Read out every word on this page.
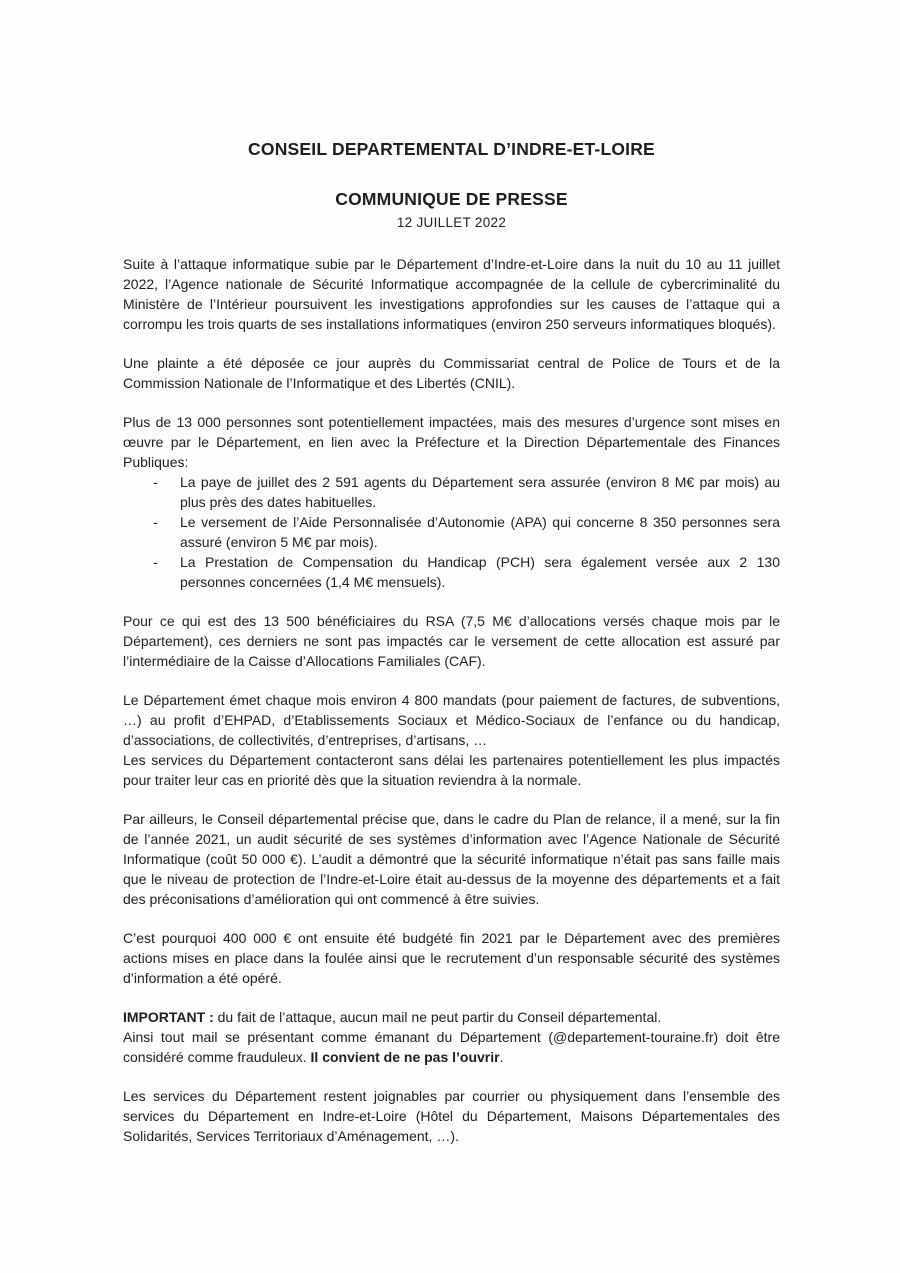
CONSEIL DEPARTEMENTAL D’INDRE-ET-LOIRE
COMMUNIQUE DE PRESSE
12 JUILLET 2022

Suite à l’attaque informatique subie par le Département d’Indre-et-Loire dans la nuit du 10 au 11 juillet 2022, l’Agence nationale de Sécurité Informatique accompagnée de la cellule de cybercriminalité du Ministère de l’Intérieur poursuivent les investigations approfondies sur les causes de l’attaque qui a corrompu les trois quarts de ses installations informatiques (environ 250 serveurs informatiques bloqués).

Une plainte a été déposée ce jour auprès du Commissariat central de Police de Tours et de la Commission Nationale de l’Informatique et des Libertés (CNIL).

Plus de 13 000 personnes sont potentiellement impactées, mais des mesures d’urgence sont mises en œuvre par le Département, en lien avec la Préfecture et la Direction Départementale des Finances Publiques:

- La paye de juillet des 2 591 agents du Département sera assurée (environ 8 M€ par mois) au plus près des dates habituelles.
- Le versement de l’Aide Personnalisée d’Autonomie (APA) qui concerne 8 350 personnes sera assuré (environ 5 M€ par mois).
- La Prestation de Compensation du Handicap (PCH) sera également versée aux 2 130 personnes concernées (1,4 M€ mensuels).

Pour ce qui est des 13 500 bénéficiaires du RSA (7,5 M€ d’allocations versés chaque mois par le Département), ces derniers ne sont pas impactés car le versement de cette allocation est assuré par l’intermédiaire de la Caisse d’Allocations Familiales (CAF).

Le Département émet chaque mois environ 4 800 mandats (pour paiement de factures, de subventions, …) au profit d’EHPAD, d’Etablissements Sociaux et Médico-Sociaux de l’enfance ou du handicap, d’associations, de collectivités, d’entreprises, d’artisans, …

Les services du Département contacteront sans délai les partenaires potentiellement les plus impactés pour traiter leur cas en priorité dès que la situation reviendra à la normale.

Par ailleurs, le Conseil départemental précise que, dans le cadre du Plan de relance, il a mené, sur la fin de l’année 2021, un audit sécurité de ses systèmes d’information avec l’Agence Nationale de Sécurité Informatique (coût 50 000 €). L’audit a démontré que la sécurité informatique n’était pas sans faille mais que le niveau de protection de l’Indre-et-Loire était au-dessus de la moyenne des départements et a fait des préconisations d’amélioration qui ont commencé à être suivies.

C’est pourquoi 400 000 € ont ensuite été budgété fin 2021 par le Département avec des premières actions mises en place dans la foulée ainsi que le recrutement d’un responsable sécurité des systèmes d’information a été opéré.

IMPORTANT : du fait de l’attaque, aucun mail ne peut partir du Conseil départemental.
Ainsi tout mail se présentant comme émanant du Département (@departement-touraine.fr) doit être considéré comme frauduleux. Il convient de ne pas l’ouvrir.

Les services du Département restent joignables par courrier ou physiquement dans l’ensemble des services du Département en Indre-et-Loire (Hôtel du Département, Maisons Départementales des Solidarités, Services Territoriaux d’Aménagement, …).
